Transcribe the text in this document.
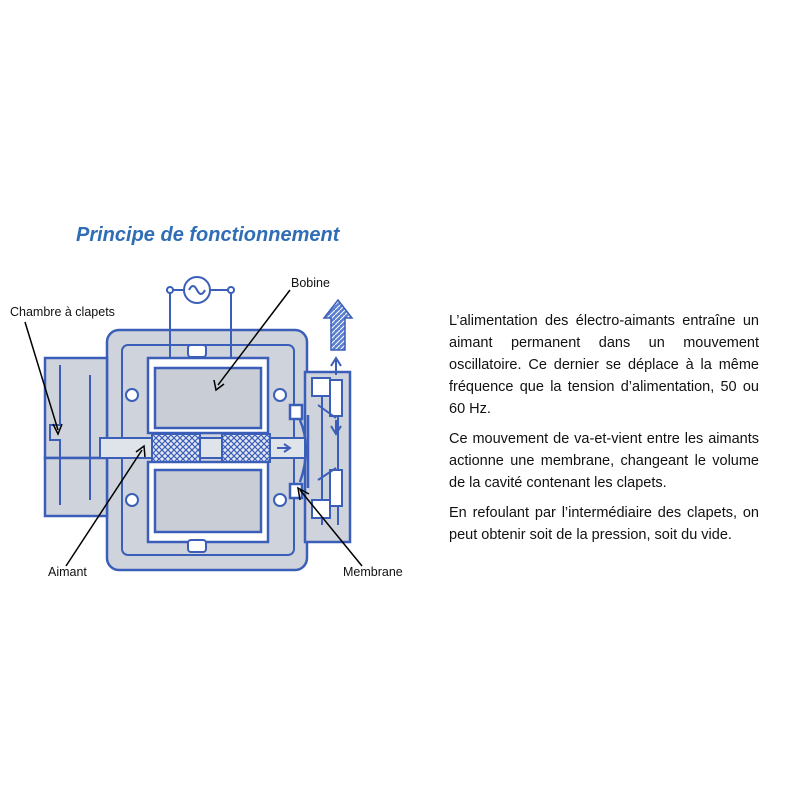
Principe de fonctionnement
Bobine
Chambre à clapets
Aimant	Membrane

L’alimentation des électro-aimants entraîne un aimant permanent dans un mouvement oscillatoire. Ce dernier se déplace à la même fréquence que la tension d’alimentation, 50 ou 60 Hz.

Ce mouvement de va-et-vient entre les aimants actionne une membrane, changeant le volume de la cavité contenant les clapets.

En refoulant par l’intermédiaire des clapets, on peut obtenir soit de la pression, soit du vide.
